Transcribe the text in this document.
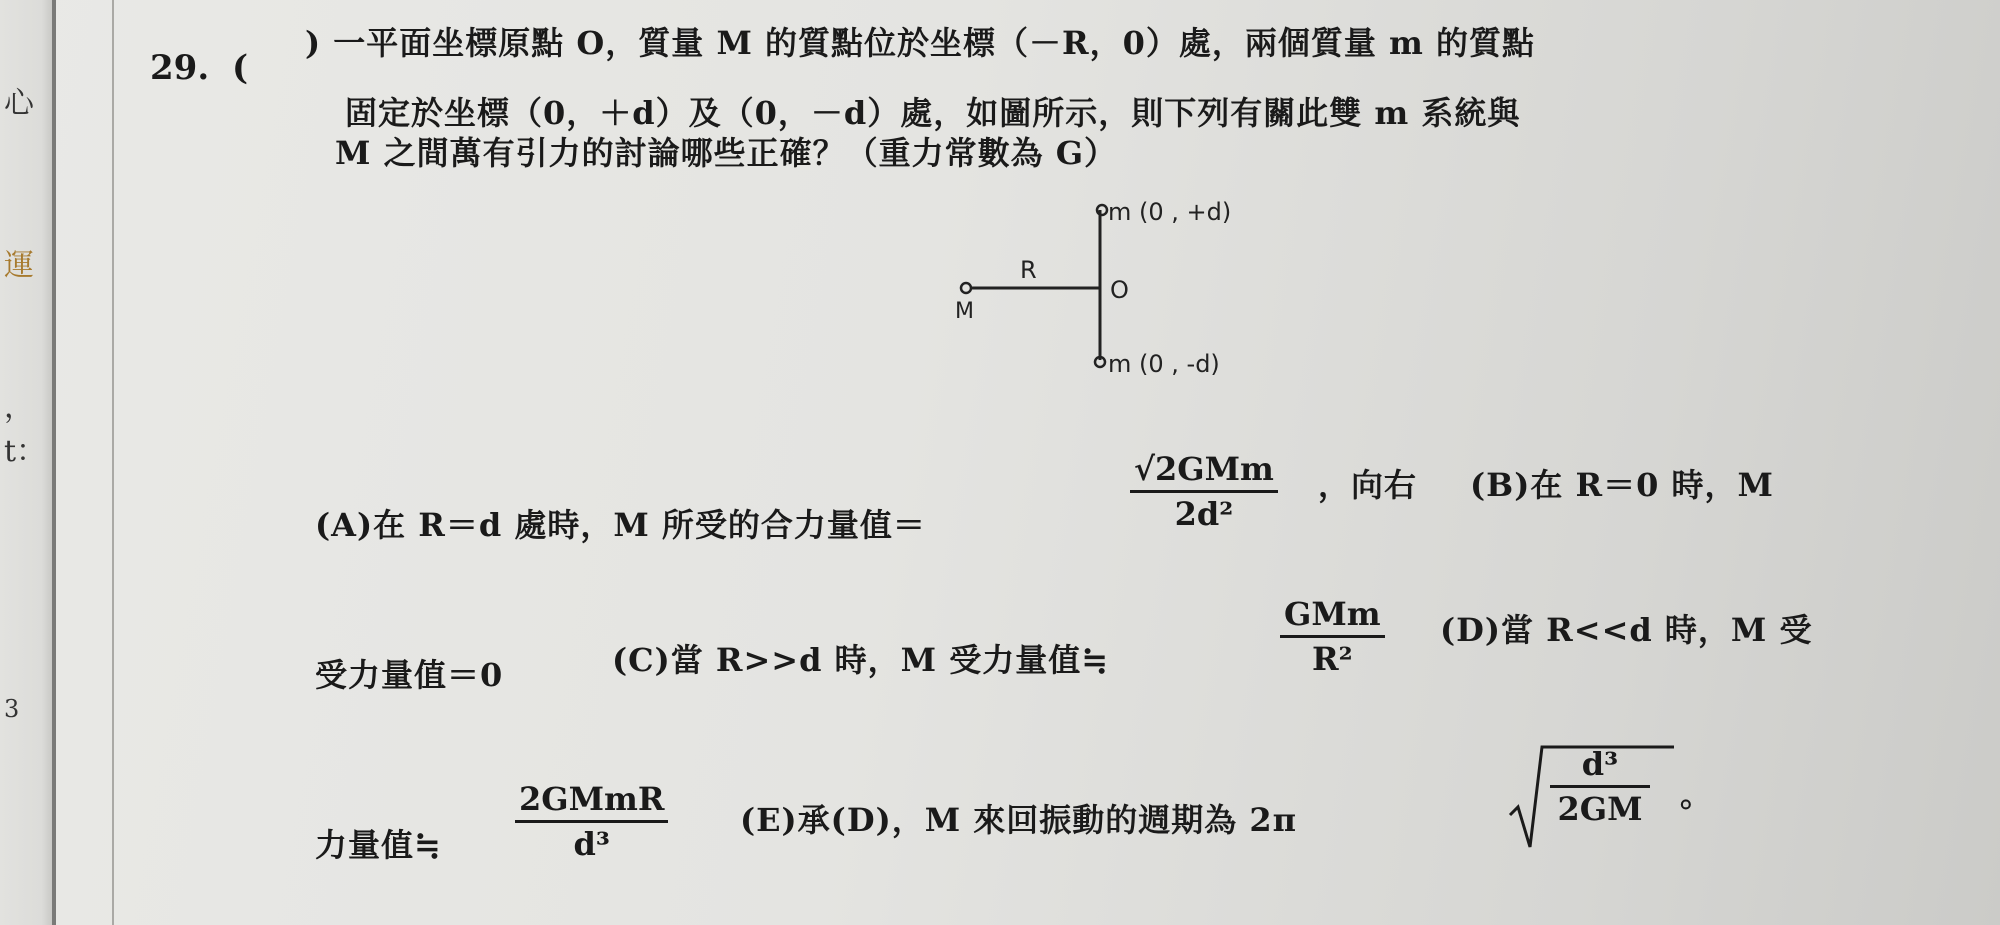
心
運
，t：
3
29. (
) 一平面坐標原點 O，質量 M 的質點位於坐標（－R，0）處，兩個質量 m 的質點
固定於坐標（0，＋d）及（0，－d）處，如圖所示，則下列有關此雙 m 系統與
M 之間萬有引力的討論哪些正確？（重力常數為 G）
m (0 , +d)
m (0 , -d)
O
R
M
(A)在 R＝d 處時，M 所受的合力量值＝
√2GMm
2d²
，向右 (B)在 R＝0 時，M
受力量值＝0	(C)當 R>>d 時，M 受力量值≒
GMm
R²
(D)當 R<<d 時，M 受
力量值≒
2GMmR
d³
(E)承(D)，M 來回振動的週期為 2π
d³
2GM 。
